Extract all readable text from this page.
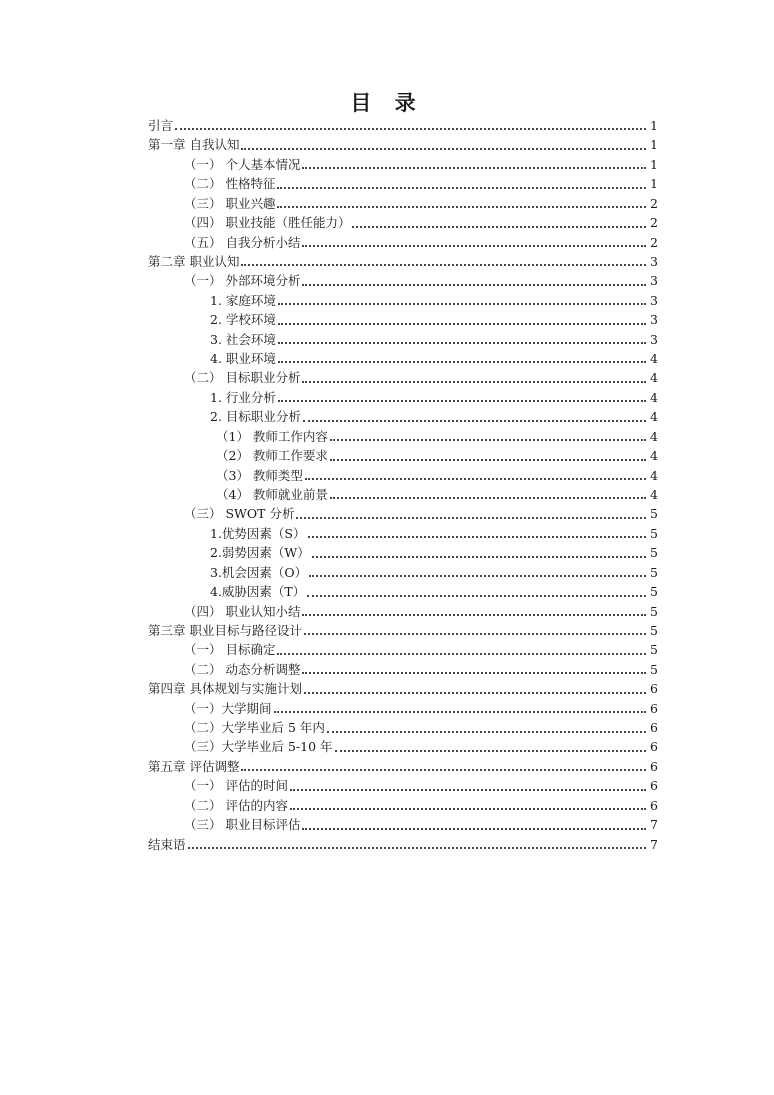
目 录
引言	1
第一章 自我认知	1
（一） 个人基本情况	1
（二） 性格特征	1
（三） 职业兴趣	2
（四） 职业技能（胜任能力）	2
（五） 自我分析小结	2
第二章 职业认知	3
（一） 外部环境分析	3
1. 家庭环境	3
2. 学校环境	3
3. 社会环境	3
4. 职业环境	4
（二） 目标职业分析	4
1. 行业分析	4
2. 目标职业分析	4
（1） 教师工作内容	4
（2） 教师工作要求	4
（3） 教师类型	4
（4） 教师就业前景	4
（三） SWOT 分析	5
1.优势因素（S）	5
2.弱势因素（W）	5
3.机会因素（O）	5
4.威胁因素（T）	5
（四） 职业认知小结	5
第三章 职业目标与路径设计	5
（一） 目标确定	5
（二） 动态分析调整	5
第四章 具体规划与实施计划	6
（一）大学期间	6
（二）大学毕业后 5 年内	6
（三）大学毕业后 5-10 年	6
第五章 评估调整	6
（一） 评估的时间	6
（二） 评估的内容	6
（三） 职业目标评估	7
结束语	7
